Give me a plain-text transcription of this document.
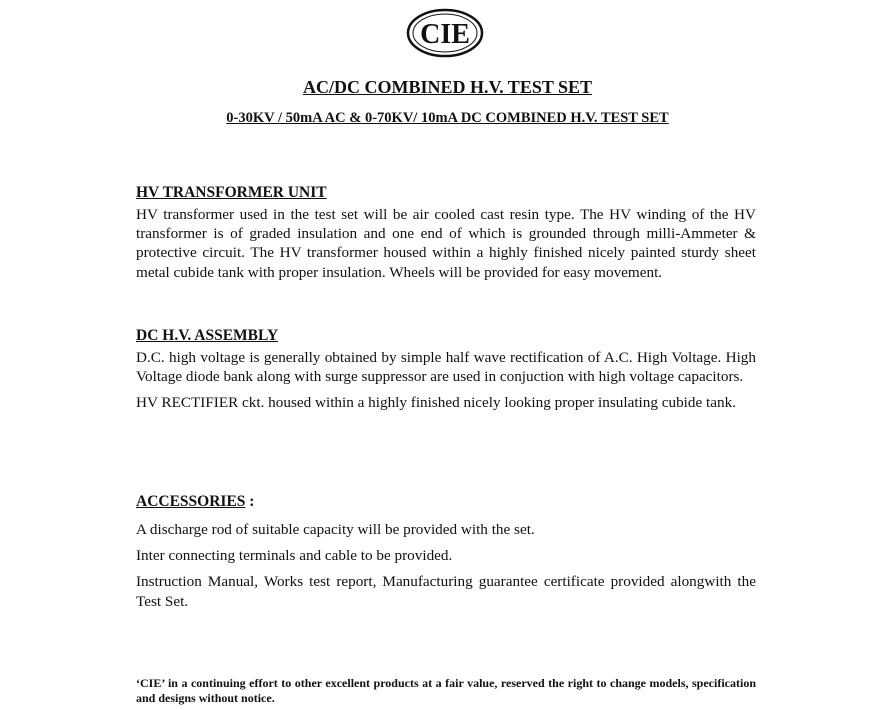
CIE
AC/DC COMBINED H.V. TEST SET
0-30KV / 50mA AC & 0-70KV/ 10mA DC COMBINED H.V. TEST SET
HV TRANSFORMER UNIT

HV transformer used in the test set will be air cooled cast resin type. The HV winding of the HV transformer is of graded insulation and one end of which is grounded through milli-Ammeter & protective circuit. The HV transformer housed within a highly finished nicely painted sturdy sheet metal cubide tank with proper insulation. Wheels will be provided for easy movement.

DC H.V. ASSEMBLY

D.C. high voltage is generally obtained by simple half wave rectification of A.C. High Voltage. High Voltage diode bank along with surge suppressor are used in conjuction with high voltage capacitors.

HV RECTIFIER ckt. housed within a highly finished nicely looking proper insulating cubide tank.

ACCESSORIES :

A discharge rod of suitable capacity will be provided with the set.

Inter connecting terminals and cable to be provided.

Instruction Manual, Works test report, Manufacturing guarantee certificate provided alongwith the Test Set.

‘CIE’ in a continuing effort to other excellent products at a fair value, reserved the right to change models, specification and designs without notice.
